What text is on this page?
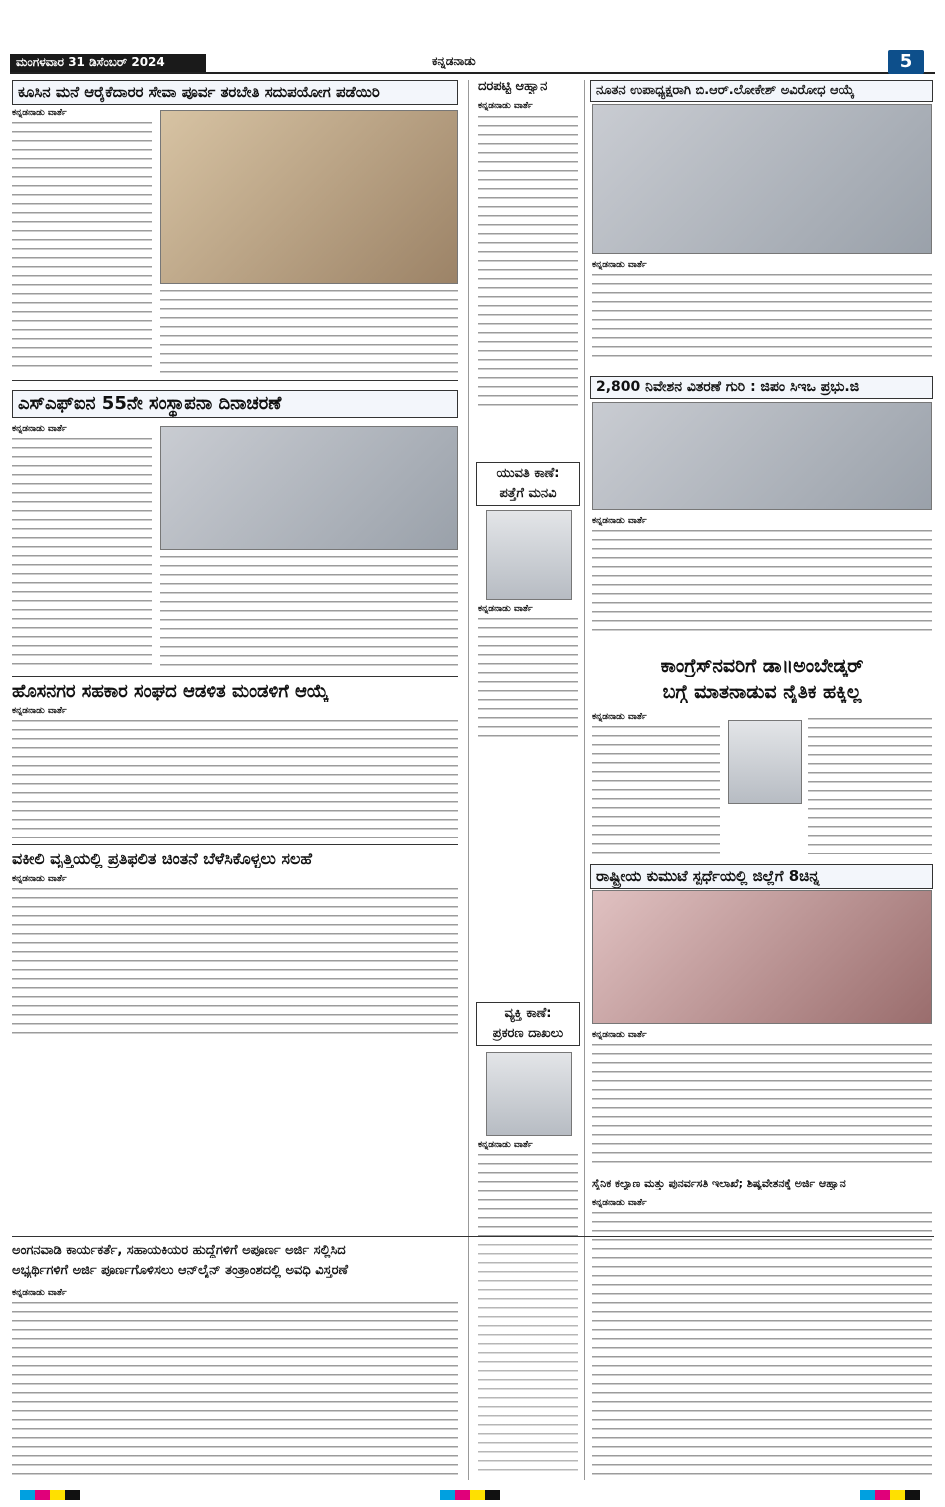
ಮಂಗಳವಾರ 31 ಡಿಸೆಂಬರ್ 2024	ಕನ್ನಡನಾಡು	5
ಕೂಸಿನ ಮನೆ ಆರೈಕೆದಾರರ ಸೇವಾ ಪೂರ್ವ ತರಬೇತಿ ಸದುಪಯೋಗ ಪಡೆಯಿರಿ
ಕನ್ನಡನಾಡು ವಾರ್ತೆ
ದರಪಟ್ಟಿ ಆಹ್ವಾನ
ಕನ್ನಡನಾಡು ವಾರ್ತೆ
ನೂತನ ಉಪಾಧ್ಯಕ್ಷರಾಗಿ ಬಿ.ಆರ್.ಲೋಕೇಶ್ ಅವಿರೋಧ ಆಯ್ಕೆ
ಕನ್ನಡನಾಡು ವಾರ್ತೆ
ಎಸ್‌ಎಫ್‌ಐನ 55ನೇ ಸಂಸ್ಥಾಪನಾ ದಿನಾಚರಣೆ
ಕನ್ನಡನಾಡು ವಾರ್ತೆ
2,800 ನಿವೇಶನ ವಿತರಣೆ ಗುರಿ : ಜಿಪಂ ಸಿಇಒ ಪ್ರಭು.ಜಿ
ಕನ್ನಡನಾಡು ವಾರ್ತೆ
ಯುವತಿ ಕಾಣೆ:
ಪತ್ತೆಗೆ ಮನವಿ
ಕನ್ನಡನಾಡು ವಾರ್ತೆ
ಕಾಂಗ್ರೆಸ್‌ನವರಿಗೆ ಡಾ॥ಅಂಬೇಡ್ಕರ್
ಬಗ್ಗೆ ಮಾತನಾಡುವ ನೈತಿಕ ಹಕ್ಕಿಲ್ಲ
ಕನ್ನಡನಾಡು ವಾರ್ತೆ
ಹೊಸನಗರ ಸಹಕಾರ ಸಂಘದ ಆಡಳಿತ ಮಂಡಳಿಗೆ ಆಯ್ಕೆ
ಕನ್ನಡನಾಡು ವಾರ್ತೆ
ವಕೀಲಿ ವೃತ್ತಿಯಲ್ಲಿ ಪ್ರತಿಫಲಿತ ಚಿಂತನೆ ಬೆಳೆಸಿಕೊಳ್ಳಲು ಸಲಹೆ
ಕನ್ನಡನಾಡು ವಾರ್ತೆ
ವ್ಯಕ್ತಿ ಕಾಣೆ:
ಪ್ರಕರಣ ದಾಖಲು
ಕನ್ನಡನಾಡು ವಾರ್ತೆ
ರಾಷ್ಟ್ರೀಯ ಕುಮುಟೆ ಸ್ಪರ್ಧೆಯಲ್ಲಿ ಜಿಲ್ಲೆಗೆ 8ಚಿನ್ನ
ಕನ್ನಡನಾಡು ವಾರ್ತೆ
ಅಂಗನವಾಡಿ ಕಾರ್ಯಕರ್ತೆ, ಸಹಾಯಕಿಯರ ಹುದ್ದೆಗಳಿಗೆ ಅಪೂರ್ಣ ಅರ್ಜಿ ಸಲ್ಲಿಸಿದ
ಅಭ್ಯರ್ಥಿಗಳಿಗೆ ಅರ್ಜಿ ಪೂರ್ಣಗೊಳಿಸಲು ಆನ್‌ಲೈನ್ ತಂತ್ರಾಂಶದಲ್ಲಿ ಅವಧಿ ವಿಸ್ತರಣೆ
ಕನ್ನಡನಾಡು ವಾರ್ತೆ
ಸೈನಿಕ ಕಲ್ಯಾಣ ಮತ್ತು ಪುನರ್ವಸತಿ ಇಲಾಖೆ; ಶಿಷ್ಯವೇತನಕ್ಕೆ ಅರ್ಜಿ ಆಹ್ವಾನ
ಕನ್ನಡನಾಡು ವಾರ್ತೆ
